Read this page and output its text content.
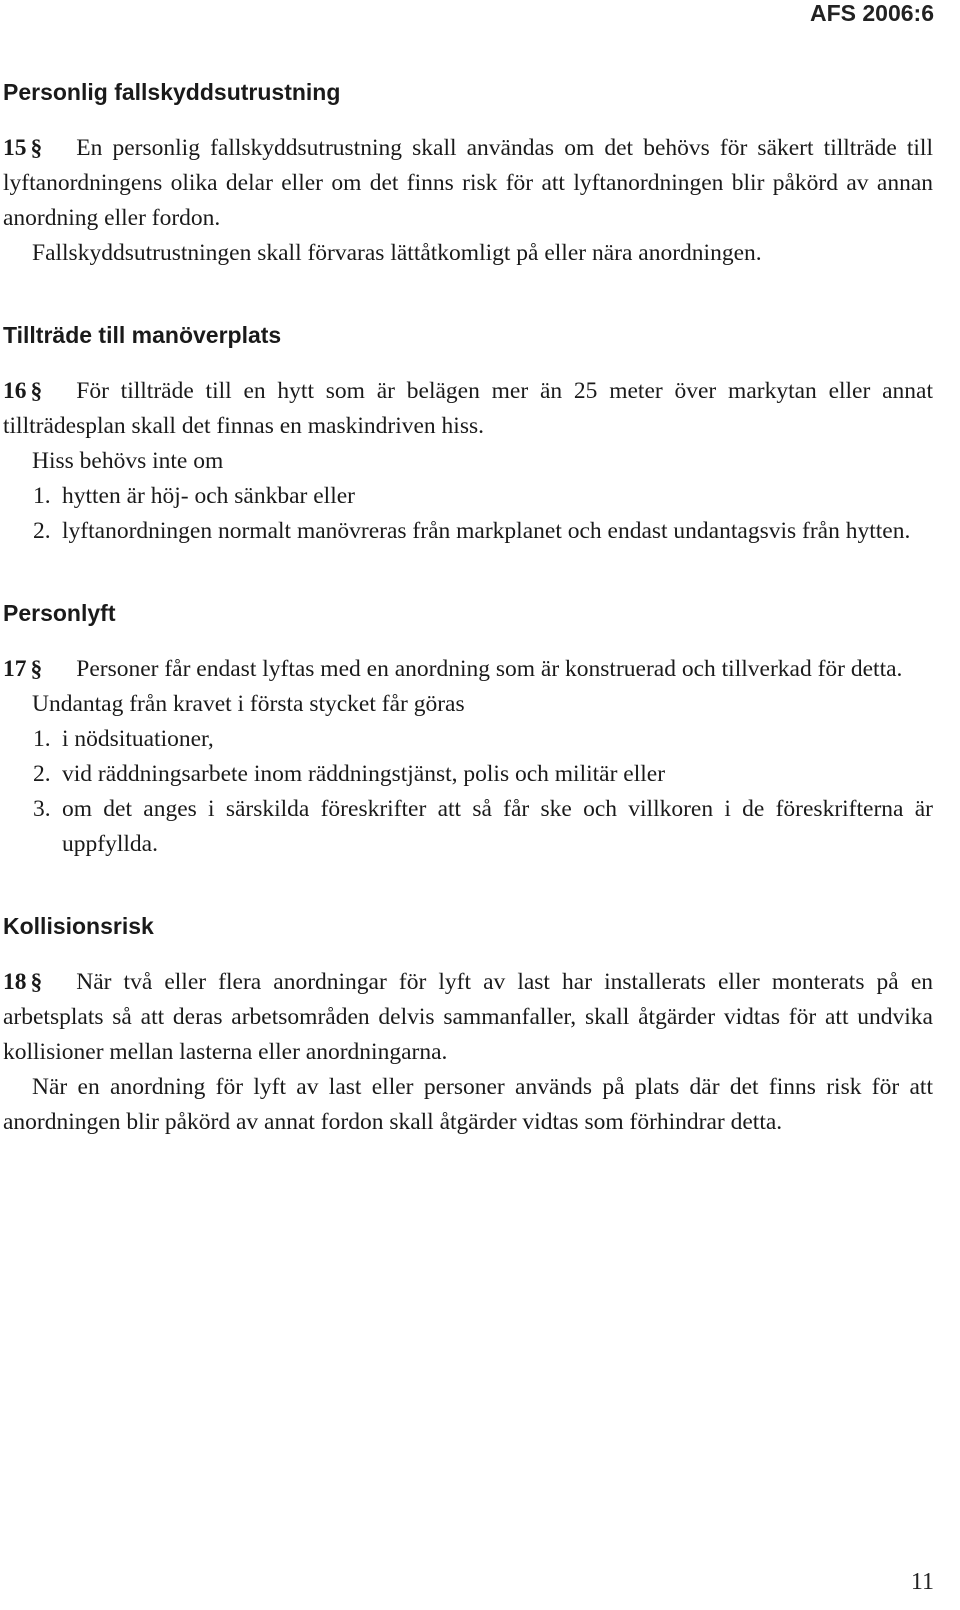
AFS 2006:6
Personlig fallskyddsutrustning

15 § En personlig fallskyddsutrustning skall användas om det behövs för säkert tillträde till lyftanordningens olika delar eller om det finns risk för att lyftanordningen blir påkörd av annan anordning eller fordon.

Fallskyddsutrustningen skall förvaras lättåtkomligt på eller nära anordningen.

Tillträde till manöverplats

16 § För tillträde till en hytt som är belägen mer än 25 meter över markytan eller annat tillträdesplan skall det finnas en maskindriven hiss.

Hiss behövs inte om

1. hytten är höj- och sänkbar eller

2. lyftanordningen normalt manövreras från markplanet och endast undantagsvis från hytten.

Personlyft

17 § Personer får endast lyftas med en anordning som är konstruerad och tillverkad för detta.

Undantag från kravet i första stycket får göras

1. i nödsituationer,

2. vid räddningsarbete inom räddningstjänst, polis och militär eller

3. om det anges i särskilda föreskrifter att så får ske och villkoren i de föreskrifterna är uppfyllda.

Kollisionsrisk

18 § När två eller flera anordningar för lyft av last har installerats eller monterats på en arbetsplats så att deras arbetsområden delvis sammanfaller, skall åtgärder vidtas för att undvika kollisioner mellan lasterna eller anordningarna.

När en anordning för lyft av last eller personer används på plats där det finns risk för att anordningen blir påkörd av annat fordon skall åtgärder vidtas som förhindrar detta.

11
